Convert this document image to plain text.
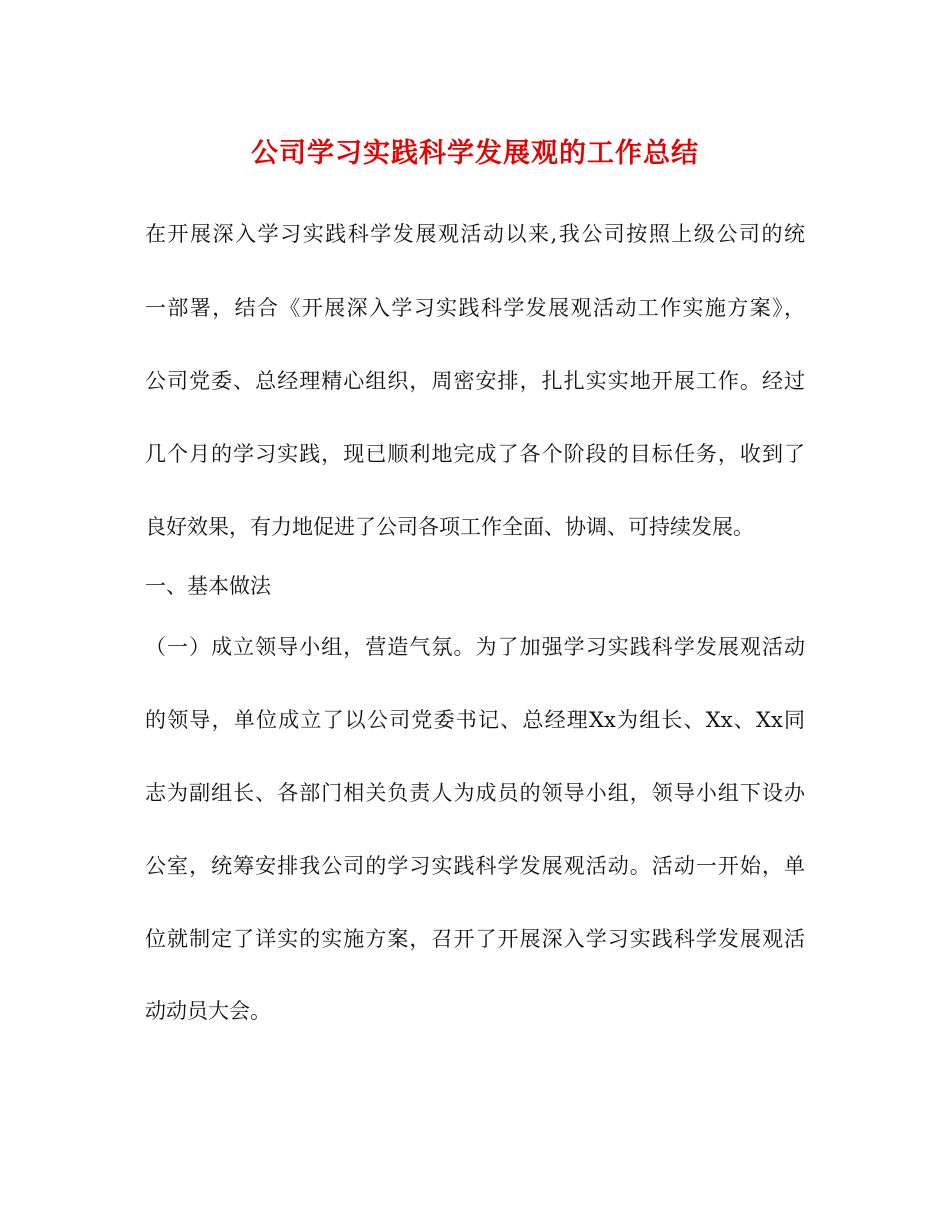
公司学习实践科学发展观的工作总结
在开展深入学习实践科学发展观活动以来,我公司按照上级公司的统
一部署，结合《开展深入学习实践科学发展观活动工作实施方案》，
公司党委、总经理精心组织，周密安排，扎扎实实地开展工作。经过
几个月的学习实践，现已顺利地完成了各个阶段的目标任务，收到了
良好效果，有力地促进了公司各项工作全面、协调、可持续发展。
一、基本做法
（一）成立领导小组，营造气氛。为了加强学习实践科学发展观活动
的领导，单位成立了以公司党委书记、总经理Xx为组长、Xx、Xx同
志为副组长、各部门相关负责人为成员的领导小组，领导小组下设办
公室，统筹安排我公司的学习实践科学发展观活动。活动一开始，单
位就制定了详实的实施方案，召开了开展深入学习实践科学发展观活
动动员大会。
